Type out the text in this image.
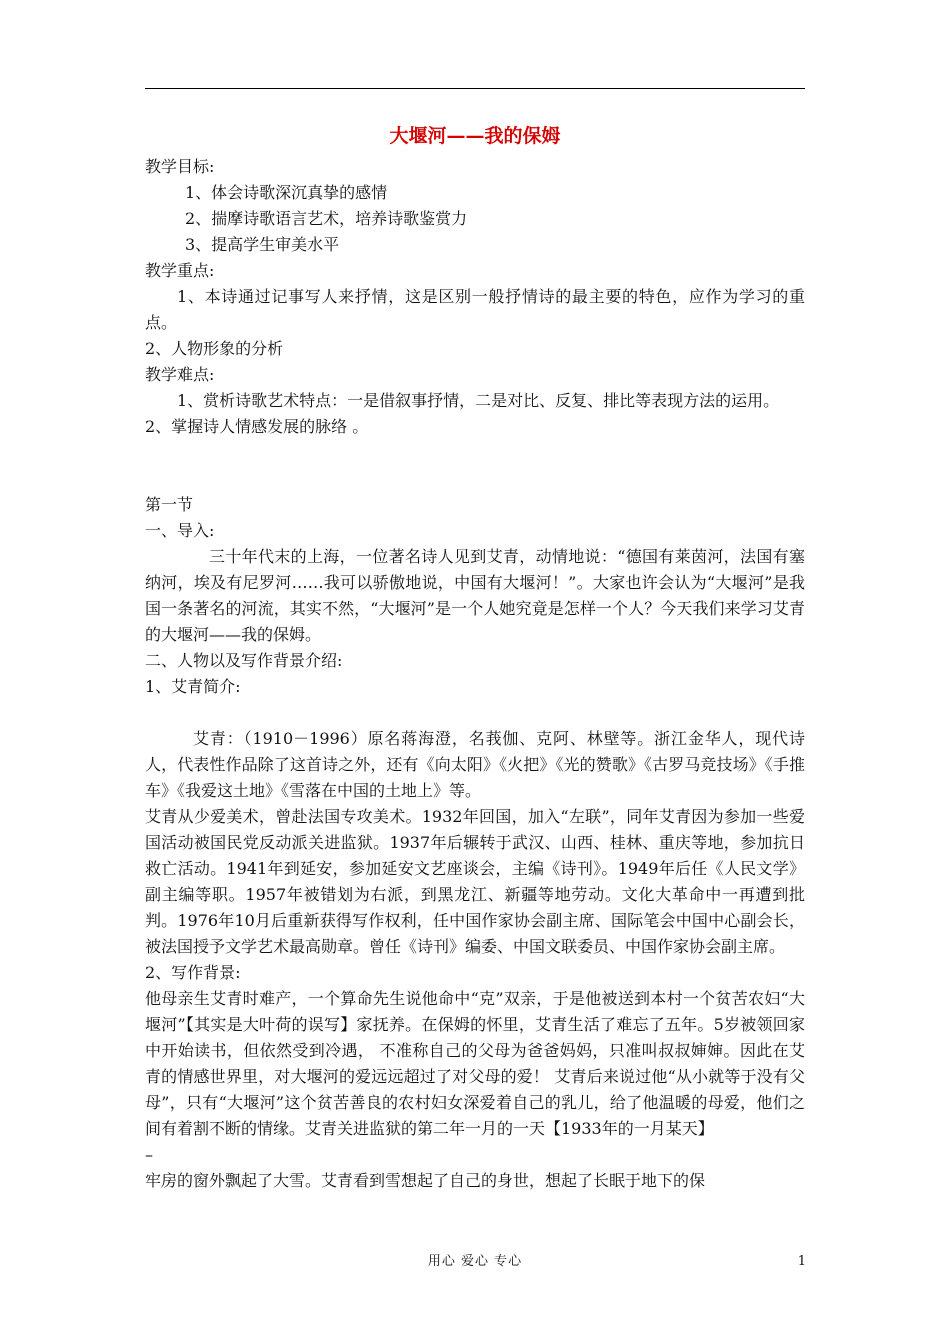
大堰河——我的保姆

教学目标:

1、体会诗歌深沉真挚的感情

2、揣摩诗歌语言艺术，培养诗歌鉴赏力

3、提高学生审美水平

教学重点:

1、本诗通过记事写人来抒情，这是区别一般抒情诗的最主要的特色，应作为学习的重点。

2、人物形象的分析

教学难点:

1、赏析诗歌艺术特点：一是借叙事抒情，二是对比、反复、排比等表现方法的运用。

2、掌握诗人情感发展的脉络 。

第一节

一、导入:

三十年代末的上海，一位著名诗人见到艾青，动情地说：“德国有莱茵河，法国有塞纳河，埃及有尼罗河……我可以骄傲地说，中国有大堰河！”。大家也许会认为“大堰河”是我国一条著名的河流，其实不然，“大堰河”是一个人她究竟是怎样一个人？今天我们来学习艾青的大堰河——我的保姆。

二、人物以及写作背景介绍:

1、艾青简介:

艾青：（1910－1996）原名蒋海澄，名莪伽、克阿、林壁等。浙江金华人，现代诗人，代表性作品除了这首诗之外，还有《向太阳》《火把》《光的赞歌》《古罗马竞技场》《手推车》《我爱这土地》《雪落在中国的土地上》等。

艾青从少爱美术，曾赴法国专攻美术。1932年回国，加入“左联”，同年艾青因为参加一些爱国活动被国民党反动派关进监狱。1937年后辗转于武汉、山西、桂林、重庆等地，参加抗日救亡活动。1941年到延安，参加延安文艺座谈会，主编《诗刊》。1949年后任《人民文学》副主编等职。1957年被错划为右派，到黑龙江、新疆等地劳动。文化大革命中一再遭到批判。1976年10月后重新获得写作权利，任中国作家协会副主席、国际笔会中国中心副会长，被法国授予文学艺术最高勋章。曾任《诗刊》编委、中国文联委员、中国作家协会副主席。

2、写作背景:

他母亲生艾青时难产，一个算命先生说他命中“克”双亲，于是他被送到本村一个贫苦农妇“大堰河”【其实是大叶荷的误写】家抚养。在保姆的怀里，艾青生活了难忘了五年。5岁被领回家中开始读书，但依然受到冷遇， 不准称自己的父母为爸爸妈妈，只准叫叔叔婶婶。因此在艾青的情感世界里，对大堰河的爱远远超过了对父母的爱！ 艾青后来说过他“从小就等于没有父母”，只有“大堰河”这个贫苦善良的农村妇女深爱着自己的乳儿，给了他温暖的母爱，他们之间有着割不断的情缘。艾青关进监狱的第二年一月的一天【1933年的一月某天】

–

牢房的窗外飘起了大雪。艾青看到雪想起了自己的身世，想起了长眠于地下的保

用心 爱心 专心	1
